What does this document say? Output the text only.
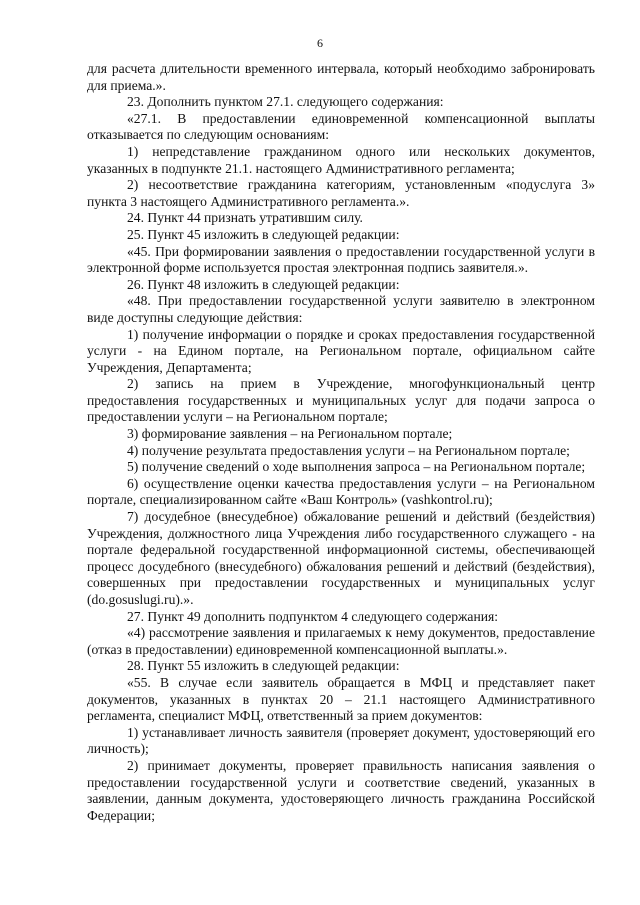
6

для расчета длительности временного интервала, который необходимо забронировать для приема.».

23. Дополнить пунктом 27.1. следующего содержания:

«27.1. В предоставлении единовременной компенсационной выплаты отказывается по следующим основаниям:

1) непредставление гражданином одного или нескольких документов, указанных в подпункте 21.1. настоящего Административного регламента;

2) несоответствие гражданина категориям, установленным «подуслуга 3» пункта 3 настоящего Административного регламента.».

24. Пункт 44 признать утратившим силу.

25. Пункт 45 изложить в следующей редакции:

«45. При формировании заявления о предоставлении государственной услуги в электронной форме используется простая электронная подпись заявителя.».

26. Пункт 48 изложить в следующей редакции:

«48. При предоставлении государственной услуги заявителю в электронном виде доступны следующие действия:

1) получение информации о порядке и сроках предоставления государственной услуги - на Едином портале, на Региональном портале, официальном сайте Учреждения, Департамента;

2) запись на прием в Учреждение, многофункциональный центр предоставления государственных и муниципальных услуг для подачи запроса о предоставлении услуги – на Региональном портале;

3) формирование заявления – на Региональном портале;

4) получение результата предоставления услуги – на Региональном портале;

5) получение сведений о ходе выполнения запроса – на Региональном портале;

6) осуществление оценки качества предоставления услуги – на Региональном портале, специализированном сайте «Ваш Контроль» (vashkontrol.ru);

7) досудебное (внесудебное) обжалование решений и действий (бездействия) Учреждения, должностного лица Учреждения либо государственного служащего - на портале федеральной государственной информационной системы, обеспечивающей процесс досудебного (внесудебного) обжалования решений и действий (бездействия), совершенных при предоставлении государственных и муниципальных услуг (do.gosuslugi.ru).».

27. Пункт 49 дополнить подпунктом 4 следующего содержания:

«4) рассмотрение заявления и прилагаемых к нему документов, предоставление (отказ в предоставлении) единовременной компенсационной выплаты.».

28. Пункт 55 изложить в следующей редакции:

«55. В случае если заявитель обращается в МФЦ и представляет пакет документов, указанных в пунктах 20 – 21.1 настоящего Административного регламента, специалист МФЦ, ответственный за прием документов:

1) устанавливает личность заявителя (проверяет документ, удостоверяющий его личность);

2) принимает документы, проверяет правильность написания заявления о предоставлении государственной услуги и соответствие сведений, указанных в заявлении, данным документа, удостоверяющего личность гражданина Российской Федерации;
